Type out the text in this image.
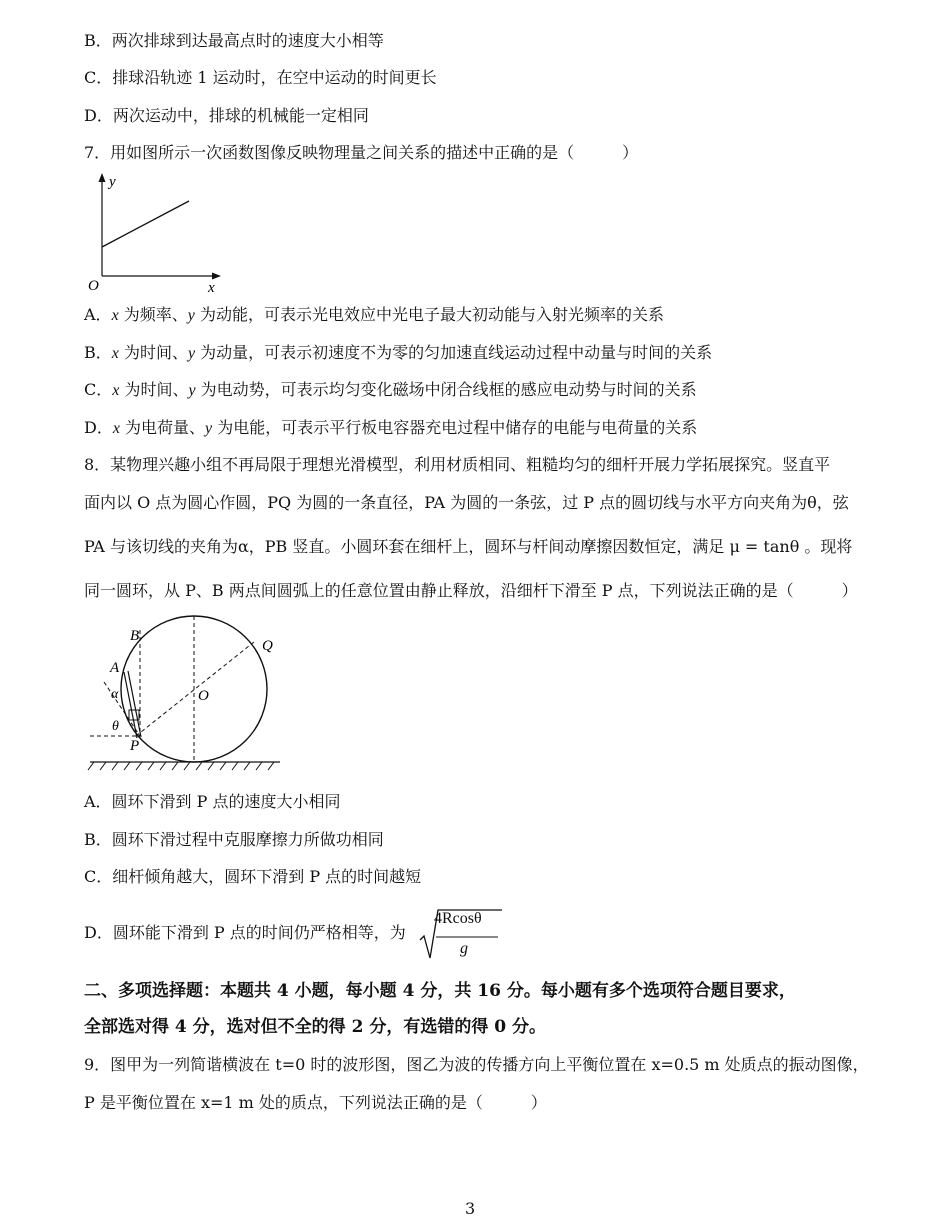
B．两次排球到达最高点时的速度大小相等
C．排球沿轨迹 1 运动时，在空中运动的时间更长
D．两次运动中，排球的机械能一定相同
7．用如图所示一次函数图像反映物理量之间关系的描述中正确的是（　　　）
y
O	x
A．x 为频率、y 为动能，可表示光电效应中光电子最大初动能与入射光频率的关系
B．x 为时间、y 为动量，可表示初速度不为零的匀加速直线运动过程中动量与时间的关系
C．x 为时间、y 为电动势，可表示均匀变化磁场中闭合线框的感应电动势与时间的关系
D．x 为电荷量、y 为电能，可表示平行板电容器充电过程中储存的电能与电荷量的关系
8．某物理兴趣小组不再局限于理想光滑模型，利用材质相同、粗糙均匀的细杆开展力学拓展探究。竖直平
面内以 O 点为圆心作圆，PQ 为圆的一条直径，PA 为圆的一条弦，过 P 点的圆切线与水平方向夹角为θ，弦
PA 与该切线的夹角为α，PB 竖直。小圆环套在细杆上，圆环与杆间动摩擦因数恒定，满足 μ = tanθ 。现将
同一圆环，从 P、B 两点间圆弧上的任意位置由静止释放，沿细杆下滑至 P 点，下列说法正确的是（　　　）
B
A
Q
O
α
θ
P
A．圆环下滑到 P 点的速度大小相同
B．圆环下滑过程中克服摩擦力所做功相同
C．细杆倾角越大，圆环下滑到 P 点的时间越短
D．圆环能下滑到 P 点的时间仍严格相等，为
4Rcosθ
g
二、多项选择题：本题共 4 小题，每小题 4 分，共 16 分。每小题有多个选项符合题目要求，
全部选对得 4 分，选对但不全的得 2 分，有选错的得 0 分。
9．图甲为一列简谐横波在 t=0 时的波形图，图乙为波的传播方向上平衡位置在 x=0.5 m 处质点的振动图像，
P 是平衡位置在 x=1 m 处的质点，下列说法正确的是（　　　）
3
